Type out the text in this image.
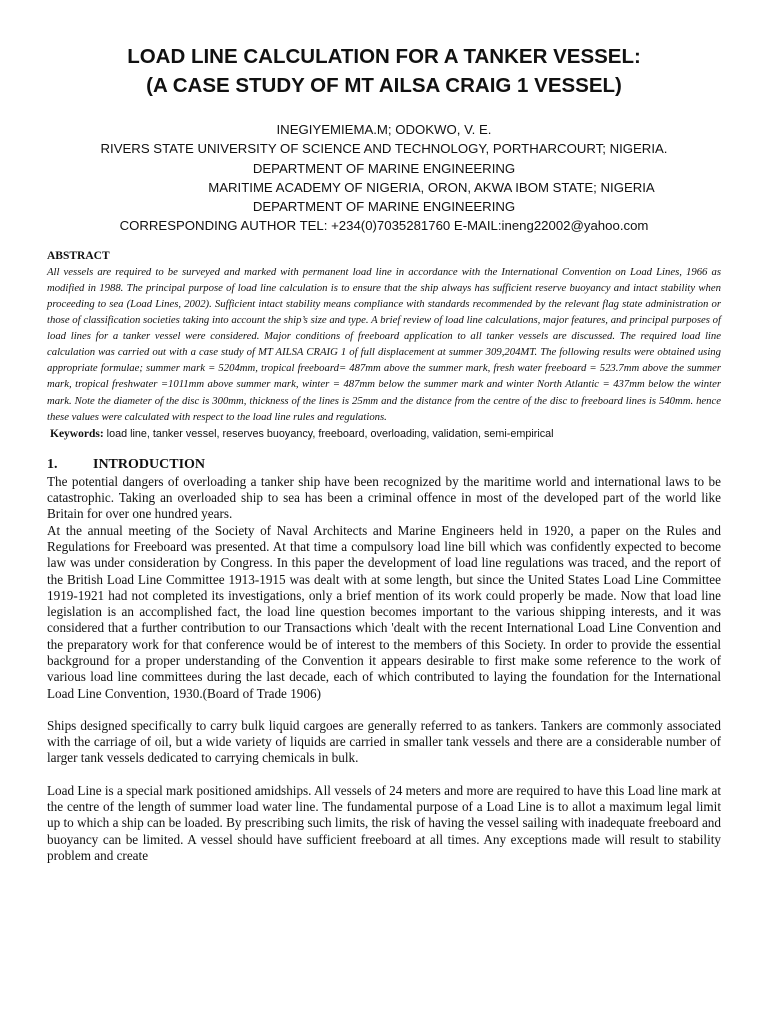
LOAD LINE CALCULATION FOR A TANKER VESSEL:
(A CASE STUDY OF MT AILSA CRAIG 1 VESSEL)
INEGIYEMIEMA.M; ODOKWO, V. E.
RIVERS STATE UNIVERSITY OF SCIENCE AND TECHNOLOGY, PORTHARCOURT; NIGERIA.
DEPARTMENT OF MARINE ENGINEERING
MARITIME ACADEMY OF NIGERIA, ORON, AKWA IBOM STATE; NIGERIA
DEPARTMENT OF MARINE ENGINEERING
CORRESPONDING AUTHOR TEL: +234(0)7035281760 E-MAIL:ineng22002@yahoo.com
ABSTRACT
All vessels are required to be surveyed and marked with permanent load line in accordance with the International Convention on Load Lines, 1966 as modified in 1988. The principal purpose of load line calculation is to ensure that the ship always has sufficient reserve buoyancy and intact stability when proceeding to sea (Load Lines, 2002). Sufficient intact stability means compliance with standards recommended by the relevant flag state administration or those of classification societies taking into account the ship’s size and type. A brief review of load line calculations, major features, and principal purposes of load lines for a tanker vessel were considered. Major conditions of freeboard application to all tanker vessels are discussed. The required load line calculation was carried out with a case study of MT AILSA CRAIG 1 of full displacement at summer 309,204MT. The following results were obtained using appropriate formulae; summer mark = 5204mm, tropical freeboard= 487mm above the summer mark, fresh water freeboard = 523.7mm above the summer mark, tropical freshwater =1011mm above summer mark, winter = 487mm below the summer mark and winter North Atlantic = 437mm below the winter mark. Note the diameter of the disc is 300mm, thickness of the lines is 25mm and the distance from the centre of the disc to freeboard lines is 540mm. hence these values were calculated with respect to the load line rules and regulations.
Keywords: load line, tanker vessel, reserves buoyancy, freeboard, overloading, validation, semi-empirical
1.	INTRODUCTION

The potential dangers of overloading a tanker ship have been recognized by the maritime world and international laws to be catastrophic. Taking an overloaded ship to sea has been a criminal offence in most of the developed part of the world like Britain for over one hundred years.

At the annual meeting of the Society of Naval Architects and Marine Engineers held in 1920, a paper on the Rules and Regulations for Freeboard was presented. At that time a compulsory load line bill which was confidently expected to become law was under consideration by Congress. In this paper the development of load line regulations was traced, and the report of the British Load Line Committee 1913-1915 was dealt with at some length, but since the United States Load Line Committee 1919-1921 had not completed its investigations, only a brief mention of its work could properly be made. Now that load line legislation is an accomplished fact, the load line question becomes important to the various shipping interests, and it was considered that a further contribution to our Transactions which 'dealt with the recent International Load Line Convention and the preparatory work for that conference would be of interest to the members of this Society. In order to provide the essential background for a proper understanding of the Convention it appears desirable to first make some reference to the work of various load line committees during the last decade, each of which contributed to laying the foundation for the International Load Line Convention, 1930.(Board of Trade 1906)

Ships designed specifically to carry bulk liquid cargoes are generally referred to as tankers. Tankers are commonly associated with the carriage of oil, but a wide variety of liquids are carried in smaller tank vessels and there are a considerable number of larger tank vessels dedicated to carrying chemicals in bulk.

Load Line is a special mark positioned amidships. All vessels of 24 meters and more are required to have this Load line mark at the centre of the length of summer load water line. The fundamental purpose of a Load Line is to allot a maximum legal limit up to which a ship can be loaded. By prescribing such limits, the risk of having the vessel sailing with inadequate freeboard and buoyancy can be limited. A vessel should have sufficient freeboard at all times. Any exceptions made will result to stability problem and create
